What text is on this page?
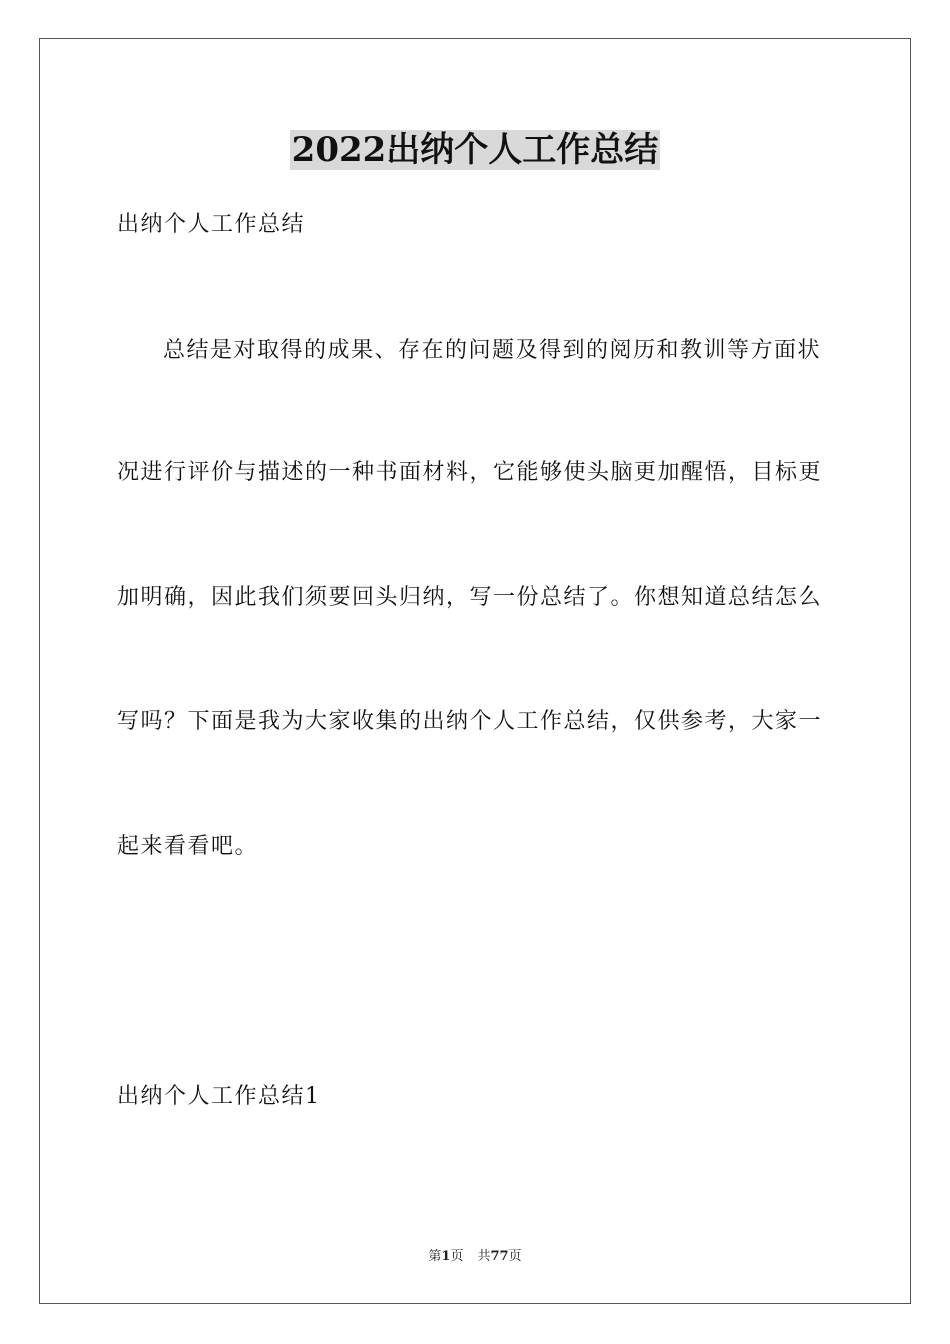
2022出纳个人工作总结
出纳个人工作总结
总结是对取得的成果、存在的问题及得到的阅历和教训等方面状
况进行评价与描述的一种书面材料，它能够使头脑更加醒悟，目标更
加明确，因此我们须要回头归纳，写一份总结了。你想知道总结怎么
写吗？下面是我为大家收集的出纳个人工作总结，仅供参考，大家一
起来看看吧。
出纳个人工作总结1
第1页 共77页
